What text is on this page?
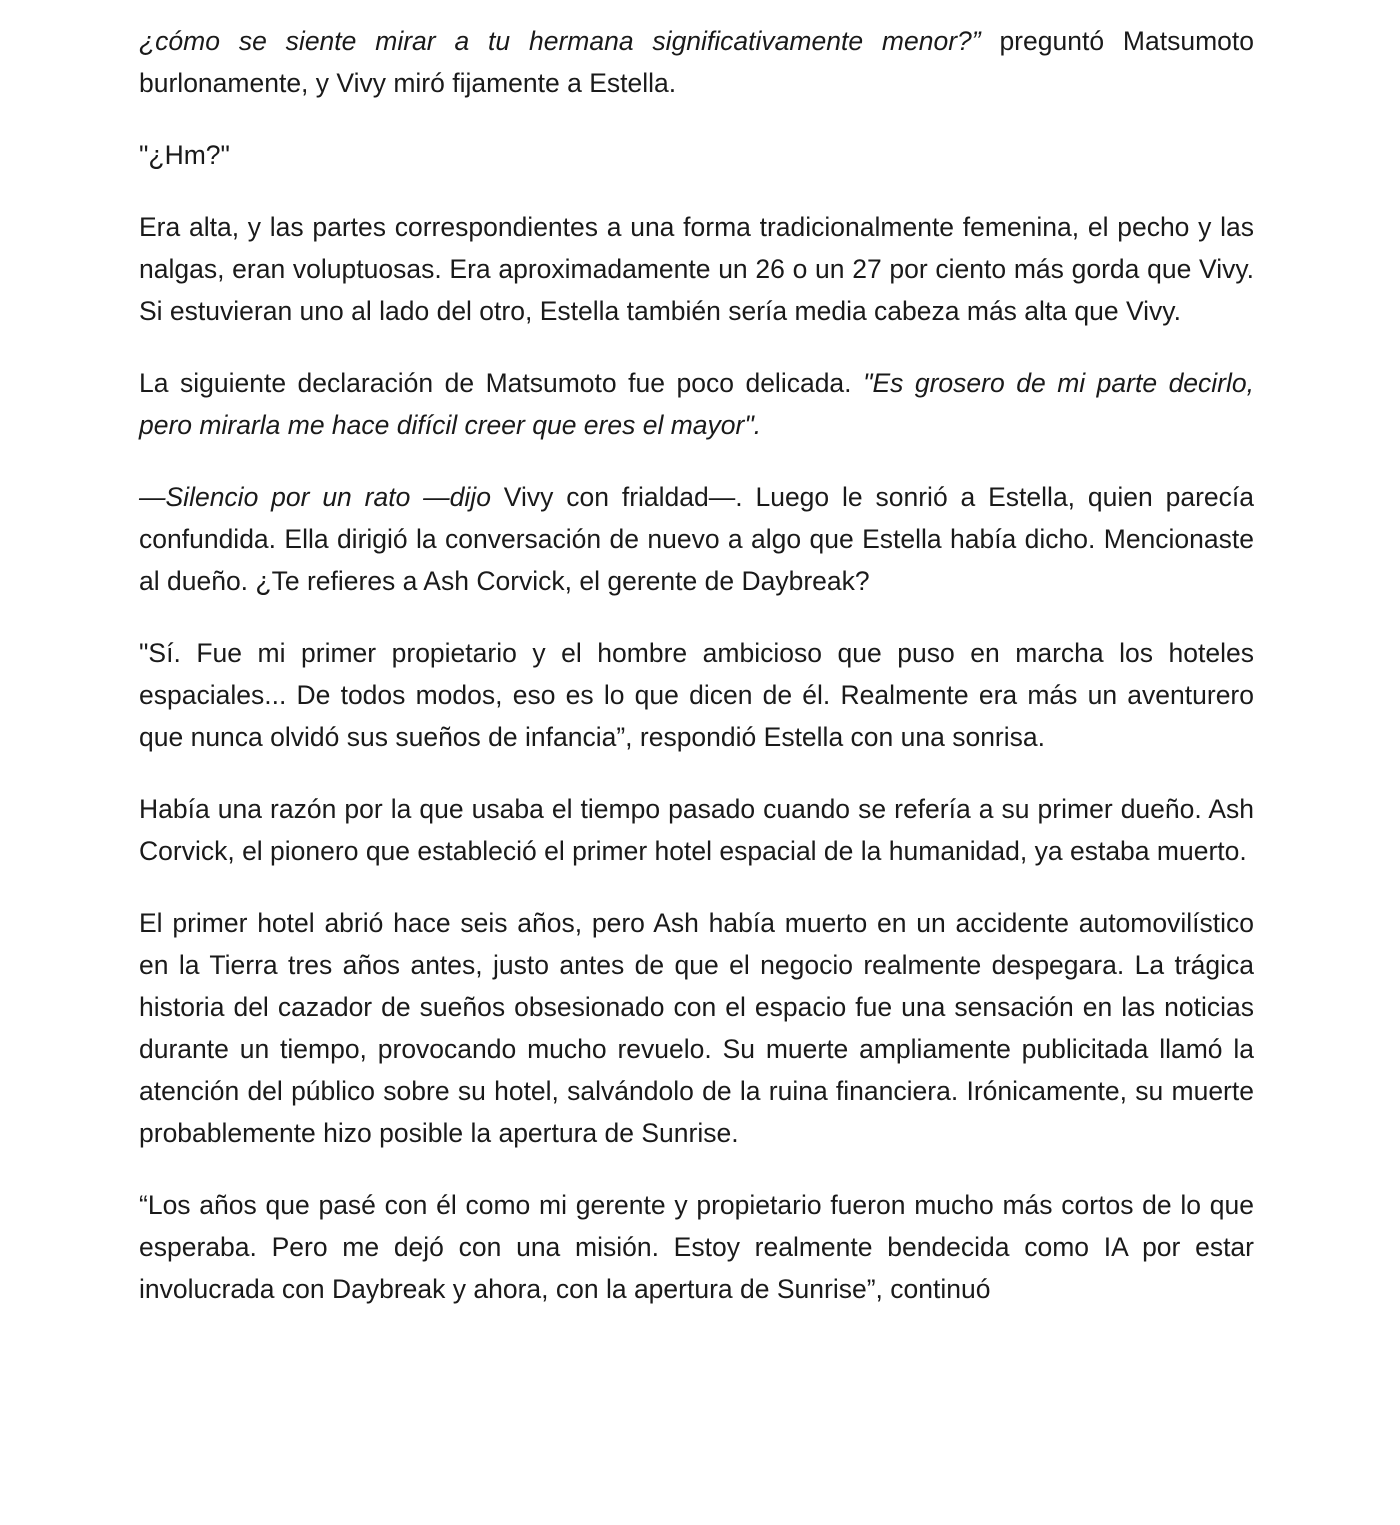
¿cómo se siente mirar a tu hermana significativamente menor?” preguntó Matsumoto burlonamente, y Vivy miró fijamente a Estella.

"¿Hm?"

Era alta, y las partes correspondientes a una forma tradicionalmente femenina, el pecho y las nalgas, eran voluptuosas. Era aproximadamente un 26 o un 27 por ciento más gorda que Vivy. Si estuvieran uno al lado del otro, Estella también sería media cabeza más alta que Vivy.

La siguiente declaración de Matsumoto fue poco delicada. "Es grosero de mi parte decirlo, pero mirarla me hace difícil creer que eres el mayor".

—Silencio por un rato —dijo Vivy con frialdad—. Luego le sonrió a Estella, quien parecía confundida. Ella dirigió la conversación de nuevo a algo que Estella había dicho. Mencionaste al dueño. ¿Te refieres a Ash Corvick, el gerente de Daybreak?

"Sí. Fue mi primer propietario y el hombre ambicioso que puso en marcha los hoteles espaciales... De todos modos, eso es lo que dicen de él. Realmente era más un aventurero que nunca olvidó sus sueños de infancia”, respondió Estella con una sonrisa.

Había una razón por la que usaba el tiempo pasado cuando se refería a su primer dueño. Ash Corvick, el pionero que estableció el primer hotel espacial de la humanidad, ya estaba muerto.

El primer hotel abrió hace seis años, pero Ash había muerto en un accidente automovilístico en la Tierra tres años antes, justo antes de que el negocio realmente despegara. La trágica historia del cazador de sueños obsesionado con el espacio fue una sensación en las noticias durante un tiempo, provocando mucho revuelo. Su muerte ampliamente publicitada llamó la atención del público sobre su hotel, salvándolo de la ruina financiera. Irónicamente, su muerte probablemente hizo posible la apertura de Sunrise.

“Los años que pasé con él como mi gerente y propietario fueron mucho más cortos de lo que esperaba. Pero me dejó con una misión. Estoy realmente bendecida como IA por estar involucrada con Daybreak y ahora, con la apertura de Sunrise”, continuó
